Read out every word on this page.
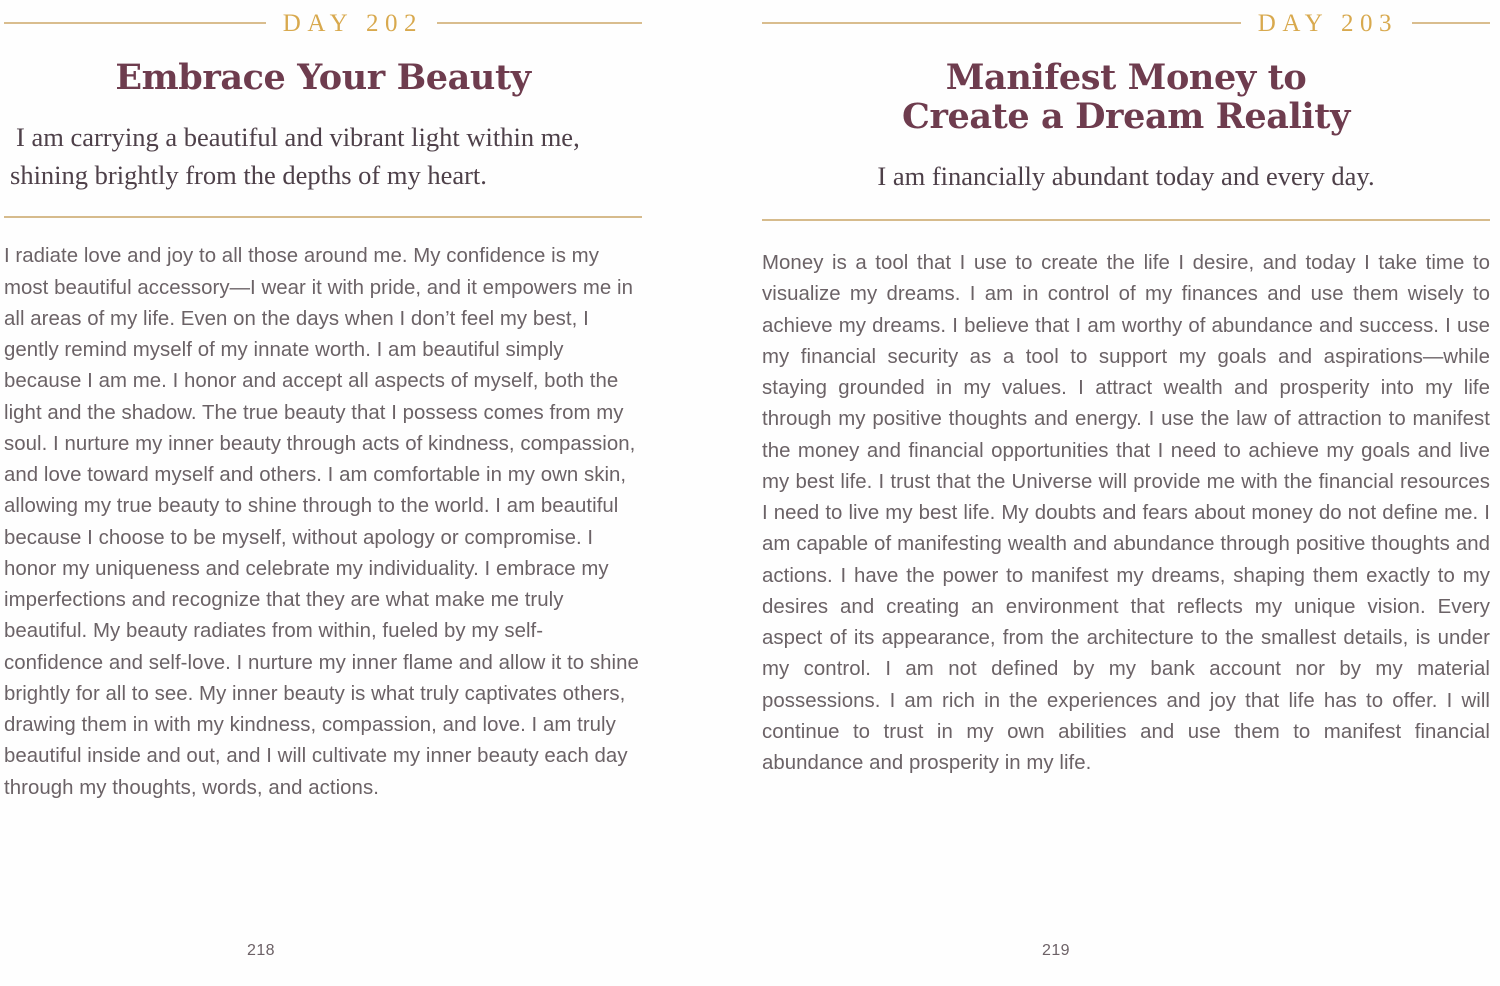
DAY 202
Embrace Your Beauty

I am carrying a beautiful and vibrant light within me, shining brightly from the depths of my heart.

I radiate love and joy to all those around me. My confidence is my most beautiful accessory—I wear it with pride, and it empowers me in all areas of my life. Even on the days when I don’t feel my best, I gently remind myself of my innate worth. I am beautiful simply because I am me. I honor and accept all aspects of myself, both the light and the shadow. The true beauty that I possess comes from my soul. I nurture my inner beauty through acts of kindness, compassion, and love toward myself and others. I am comfortable in my own skin, allowing my true beauty to shine through to the world. I am beautiful because I choose to be myself, without apology or compromise. I honor my uniqueness and celebrate my individuality. I embrace my imperfections and recognize that they are what make me truly beautiful. My beauty radiates from within, fueled by my self-confidence and self-love. I nurture my inner flame and allow it to shine brightly for all to see. My inner beauty is what truly captivates others, drawing them in with my kindness, compassion, and love. I am truly beautiful inside and out, and I will cultivate my inner beauty each day through my thoughts, words, and actions.

218
DAY 203
Manifest Money to
Create a Dream Reality

I am financially abundant today and every day.

Money is a tool that I use to create the life I desire, and today I take time to visualize my dreams. I am in control of my finances and use them wisely to achieve my dreams. I believe that I am worthy of abundance and success. I use my financial security as a tool to support my goals and aspirations—while staying grounded in my values. I attract wealth and prosperity into my life through my positive thoughts and energy. I use the law of attraction to manifest the money and financial opportunities that I need to achieve my goals and live my best life. I trust that the Universe will provide me with the financial resources I need to live my best life. My doubts and fears about money do not define me. I am capable of manifesting wealth and abundance through positive thoughts and actions. I have the power to manifest my dreams, shaping them exactly to my desires and creating an environment that reflects my unique vision. Every aspect of its appearance, from the architecture to the smallest details, is under my control. I am not defined by my bank account nor by my material possessions. I am rich in the experiences and joy that life has to offer. I will continue to trust in my own abilities and use them to manifest financial abundance and prosperity in my life.

219
